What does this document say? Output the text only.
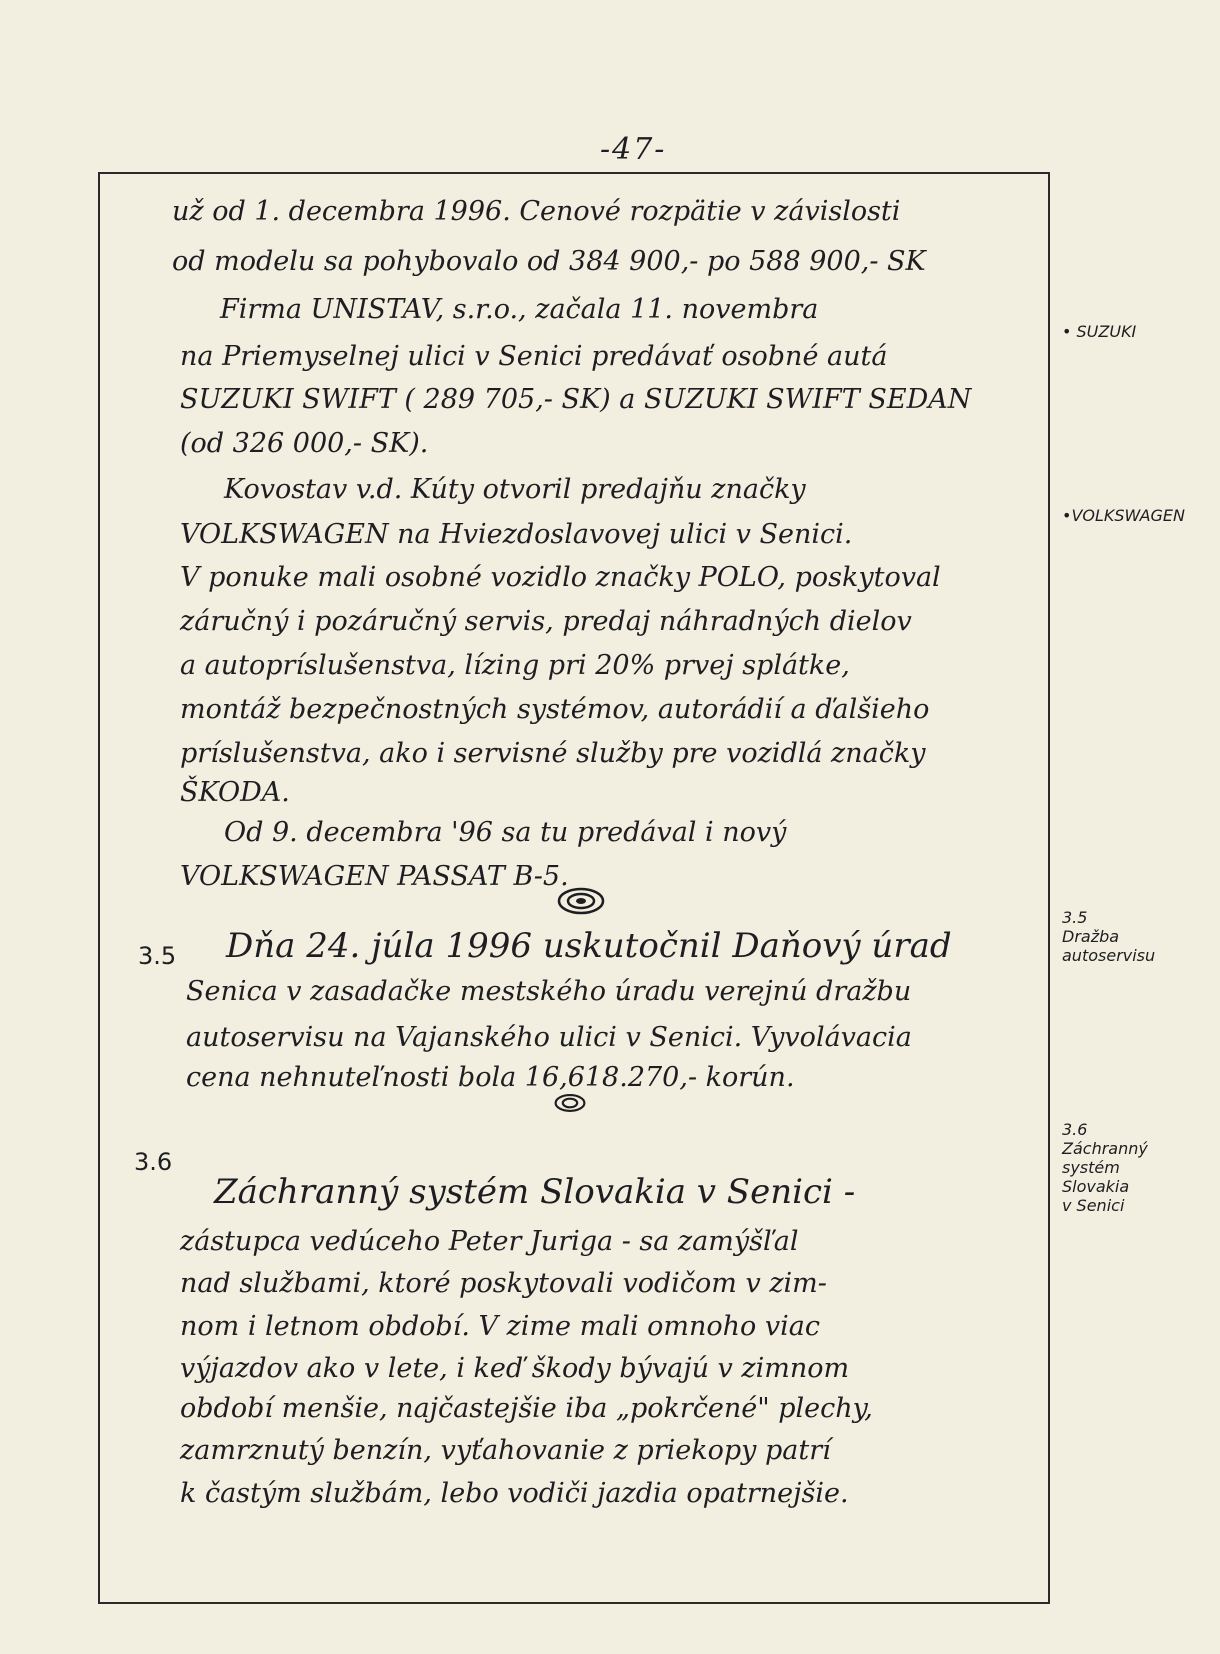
-47-
už od 1. decembra 1996. Cenové rozpätie v závislosti
od modelu sa pohybovalo od 384 900,- po 588 900,- SK
Firma UNISTAV, s.r.o., začala 11. novembra
na Priemyselnej ulici v Senici predávať osobné autá
SUZUKI SWIFT ( 289 705,- SK) a SUZUKI SWIFT SEDAN
(od 326 000,- SK).
Kovostav v.d. Kúty otvoril predajňu značky
VOLKSWAGEN na Hviezdoslavovej ulici v Senici.
V ponuke mali osobné vozidlo značky POLO, poskytoval
záručný i pozáručný servis, predaj náhradných dielov
a autopríslušenstva, lízing pri 20% prvej splátke,
montáž bezpečnostných systémov, autorádií a ďalšieho
príslušenstva, ako i servisné služby pre vozidlá značky
ŠKODA.
Od 9. decembra '96 sa tu predával i nový
VOLKSWAGEN PASSAT B-5.
3.5 Dňa 24. júla 1996 uskutočnil Daňový úrad
Senica v zasadačke mestského úradu verejnú dražbu
autoservisu na Vajanského ulici v Senici. Vyvolávacia
cena nehnuteľnosti bola 16,618.270,- korún.
3.6
Záchranný systém Slovakia v Senici -
zástupca vedúceho Peter Juriga - sa zamýšľal
nad službami, ktoré poskytovali vodičom v zim-
nom i letnom období. V zime mali omnoho viac
výjazdov ako v lete, i keď škody bývajú v zimnom
období menšie, najčastejšie iba „pokrčené" plechy,
zamrznutý benzín, vyťahovanie z priekopy patrí
k častým službám, lebo vodiči jazdia opatrnejšie.
• SUZUKI
•VOLKSWAGEN
3.5
Dražba
autoservisu
3.6
Záchranný
systém
Slovakia
v Senici
